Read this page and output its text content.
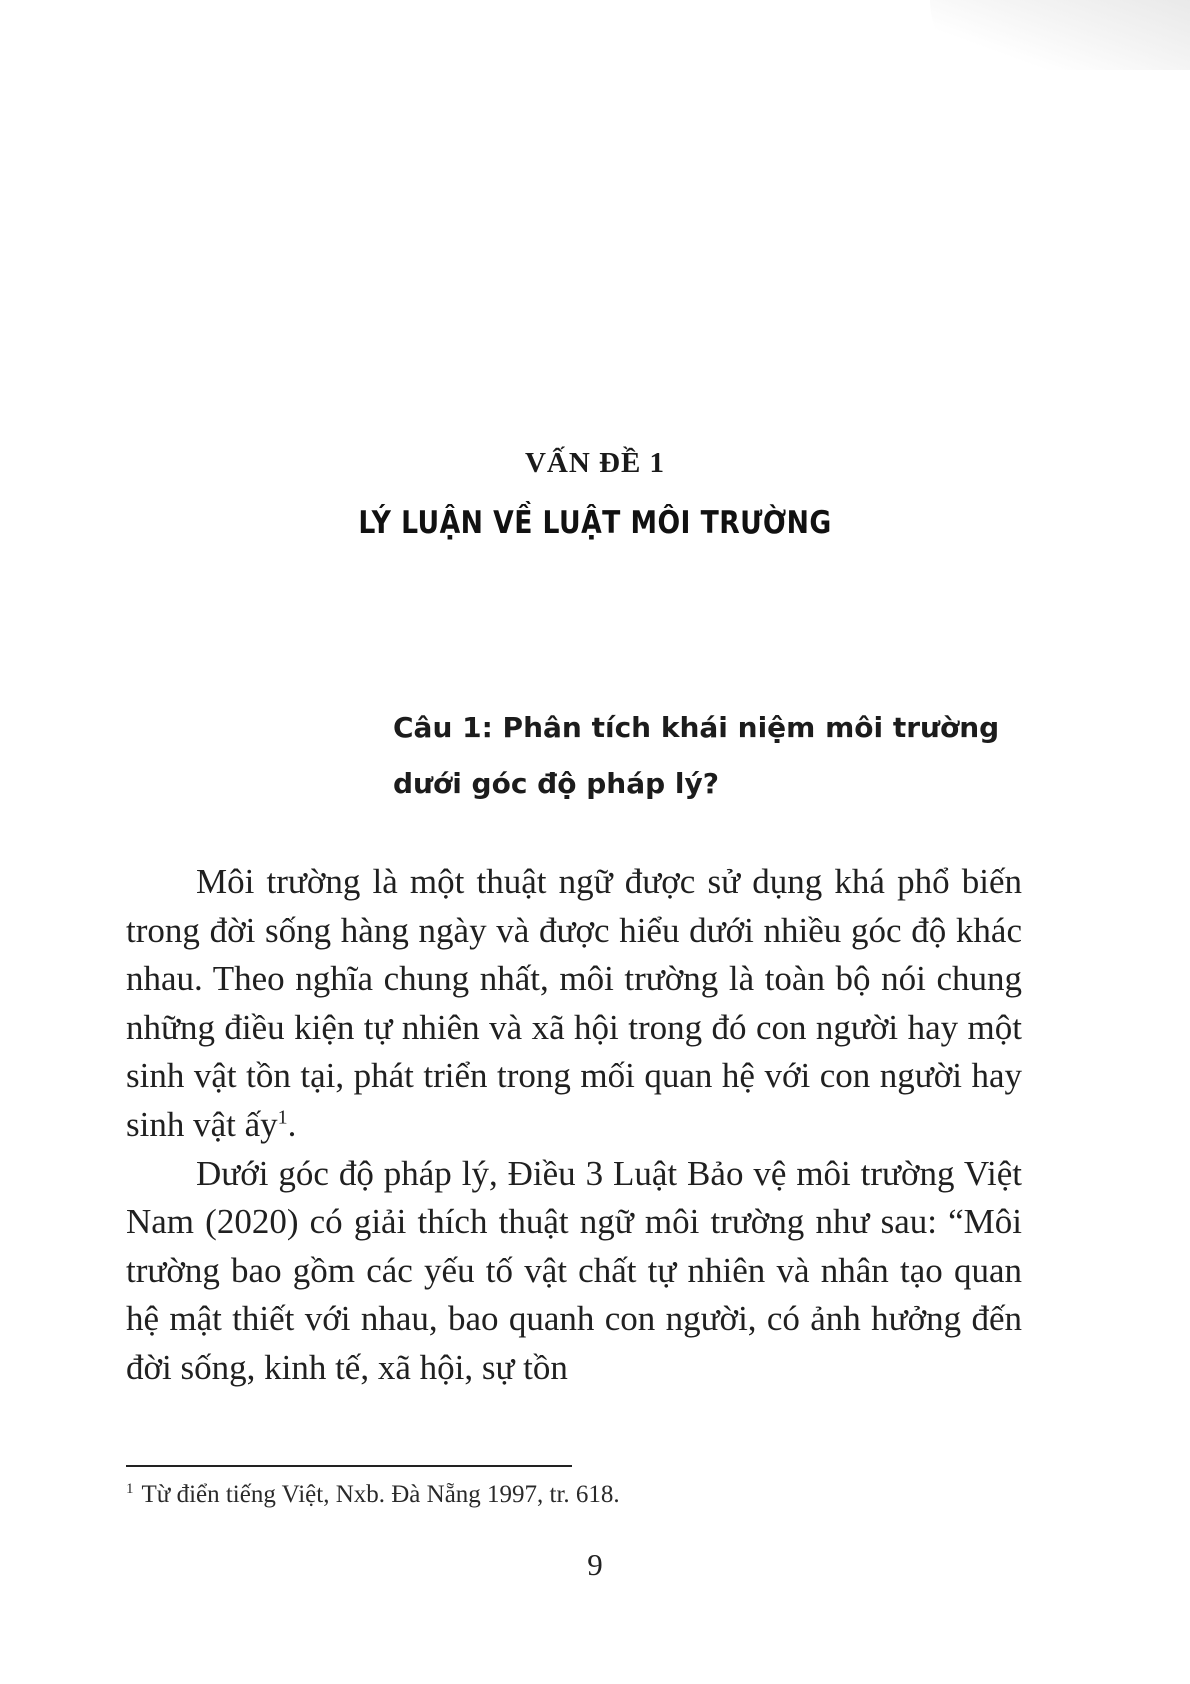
VẤN ĐỀ 1
LÝ LUẬN VỀ LUẬT MÔI TRƯỜNG
Câu 1: Phân tích khái niệm môi trường
dưới góc độ pháp lý?

Môi trường là một thuật ngữ được sử dụng khá phổ biến trong đời sống hàng ngày và được hiểu dưới nhiều góc độ khác nhau. Theo nghĩa chung nhất, môi trường là toàn bộ nói chung những điều kiện tự nhiên và xã hội trong đó con người hay một sinh vật tồn tại, phát triển trong mối quan hệ với con người hay sinh vật ấy$^1$.

Dưới góc độ pháp lý, Điều 3 Luật Bảo vệ môi trường Việt Nam (2020) có giải thích thuật ngữ môi trường như sau: “Môi trường bao gồm các yếu tố vật chất tự nhiên và nhân tạo quan hệ mật thiết với nhau, bao quanh con người, có ảnh hưởng đến đời sống, kinh tế, xã hội, sự tồn

$^1$ Từ điển tiếng Việt, Nxb. Đà Nẵng 1997, tr. 618.
9
